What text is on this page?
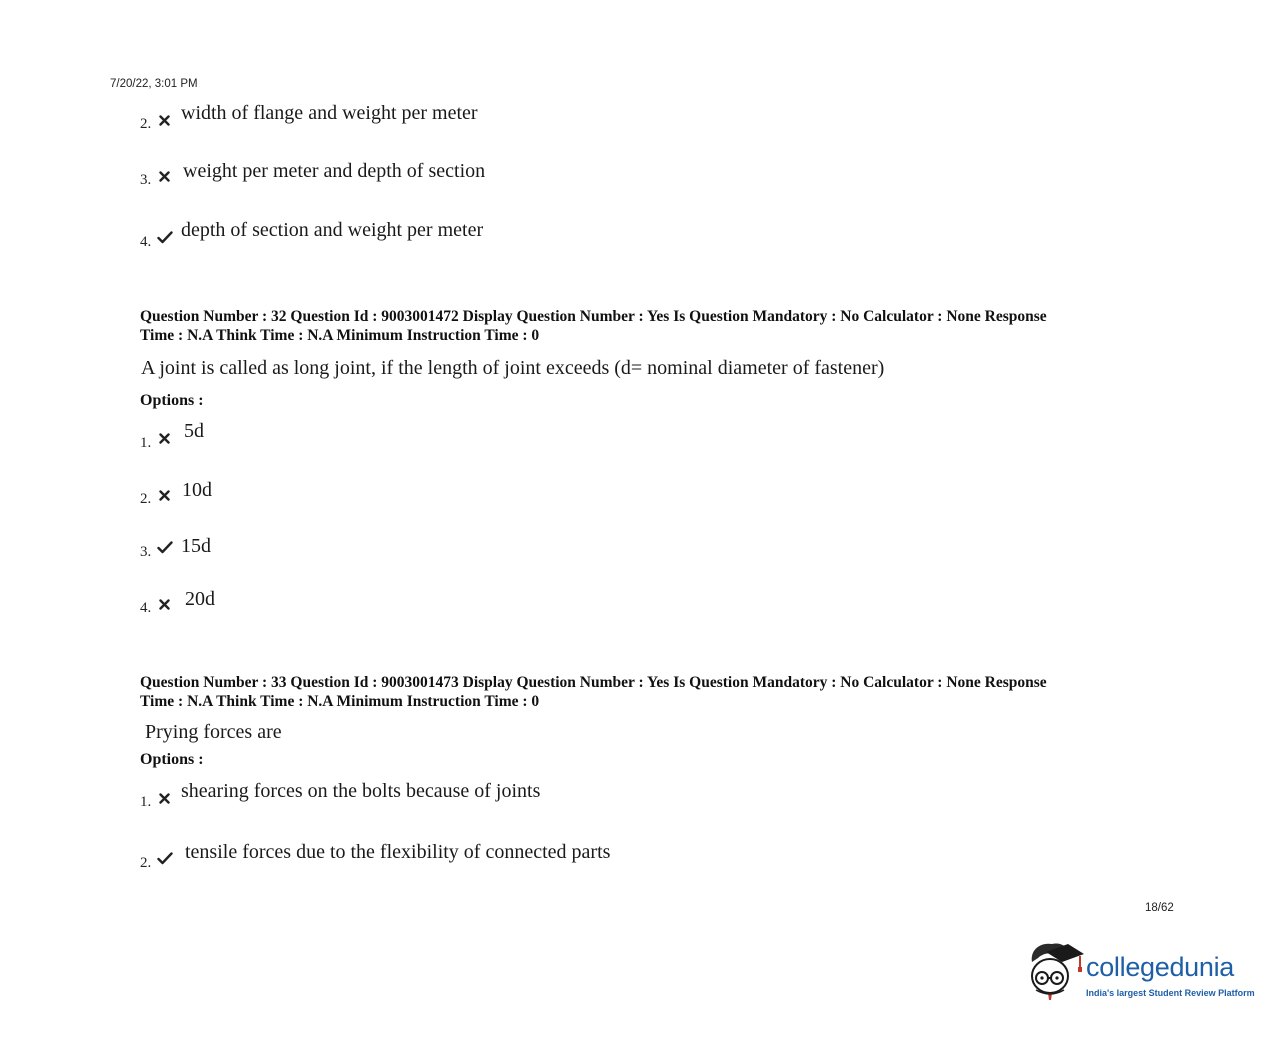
7/20/22, 3:01 PM
2. width of flange and weight per meter
3. weight per meter and depth of section
4.
depth of section and weight per meter
Question Number : 32 Question Id : 9003001472 Display Question Number : Yes Is Question Mandatory : No Calculator : None Response
Time : N.A Think Time : N.A Minimum Instruction Time : 0
A joint is called as long joint, if the length of joint exceeds (d= nominal diameter of fastener)
Options :
1.
5d
2. 10d
3. 15d
4. 20d
Question Number : 33 Question Id : 9003001473 Display Question Number : Yes Is Question Mandatory : No Calculator : None Response
Time : N.A Think Time : N.A Minimum Instruction Time : 0
Prying forces are
Options :
1. shearing forces on the bolts because of joints
2. tensile forces due to the flexibility of connected parts
18/62
collegedunia
India's largest Student Review Platform
